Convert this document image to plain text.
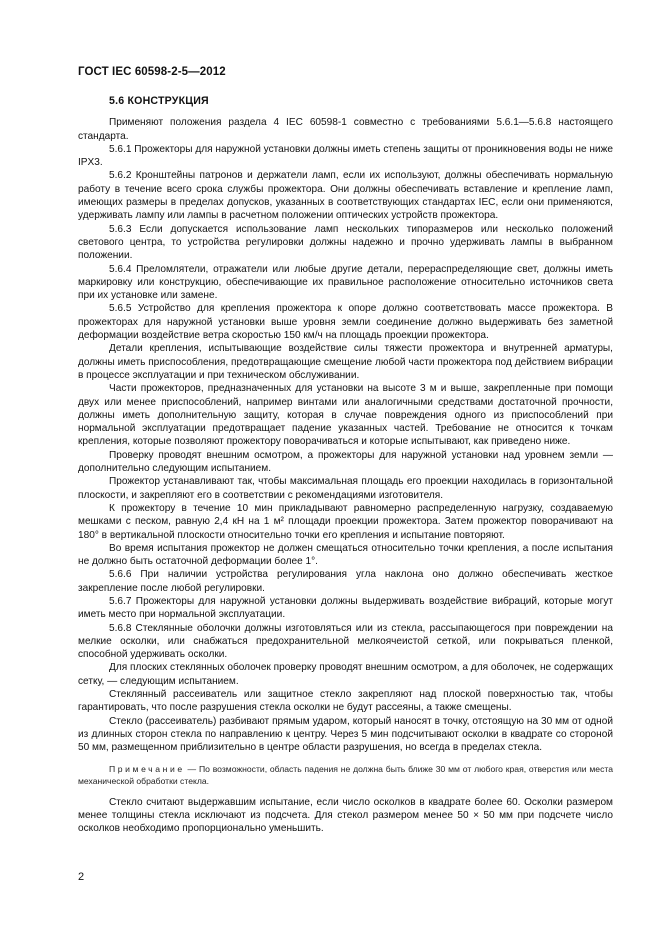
ГОСТ IEC 60598-2-5—2012
5.6 КОНСТРУКЦИЯ

Применяют положения раздела 4 IEC 60598-1 совместно с требованиями 5.6.1—5.6.8 настоящего стандарта.

5.6.1 Прожекторы для наружной установки должны иметь степень защиты от проникновения воды не ниже IPX3.

5.6.2 Кронштейны патронов и держатели ламп, если их используют, должны обеспечивать нормальную работу в течение всего срока службы прожектора. Они должны обеспечивать вставление и крепление ламп, имеющих размеры в пределах допусков, указанных в соответствующих стандартах IEC, если они применяются, удерживать лампу или лампы в расчетном положении оптических устройств прожектора.

5.6.3 Если допускается использование ламп нескольких типоразмеров или несколько положений светового центра, то устройства регулировки должны надежно и прочно удерживать лампы в выбранном положении.

5.6.4 Преломлятели, отражатели или любые другие детали, перераспределяющие свет, должны иметь маркировку или конструкцию, обеспечивающие их правильное расположение относительно источников света при их установке или замене.

5.6.5 Устройство для крепления прожектора к опоре должно соответствовать массе прожектора. В прожекторах для наружной установки выше уровня земли соединение должно выдерживать без заметной деформации воздействие ветра скоростью 150 км/ч на площадь проекции прожектора.

Детали крепления, испытывающие воздействие силы тяжести прожектора и внутренней арматуры, должны иметь приспособления, предотвращающие смещение любой части прожектора под действием вибрации в процессе эксплуатации и при техническом обслуживании.

Части прожекторов, предназначенных для установки на высоте 3 м и выше, закрепленные при помощи двух или менее приспособлений, например винтами или аналогичными средствами достаточной прочности, должны иметь дополнительную защиту, которая в случае повреждения одного из приспособлений при нормальной эксплуатации предотвращает падение указанных частей. Требование не относится к точкам крепления, которые позволяют прожектору поворачиваться и которые испытывают, как приведено ниже.

Проверку проводят внешним осмотром, а прожекторы для наружной установки над уровнем земли — дополнительно следующим испытанием.

Прожектор устанавливают так, чтобы максимальная площадь его проекции находилась в горизонтальной плоскости, и закрепляют его в соответствии с рекомендациями изготовителя.

К прожектору в течение 10 мин прикладывают равномерно распределенную нагрузку, создаваемую мешками с песком, равную 2,4 кН на 1 м² площади проекции прожектора. Затем прожектор поворачивают на 180° в вертикальной плоскости относительно точки его крепления и испытание повторяют.

Во время испытания прожектор не должен смещаться относительно точки крепления, а после испытания не должно быть остаточной деформации более 1°.

5.6.6 При наличии устройства регулирования угла наклона оно должно обеспечивать жесткое закрепление после любой регулировки.

5.6.7 Прожекторы для наружной установки должны выдерживать воздействие вибраций, которые могут иметь место при нормальной эксплуатации.

5.6.8 Стеклянные оболочки должны изготовляться или из стекла, рассыпающегося при повреждении на мелкие осколки, или снабжаться предохранительной мелкоячеистой сеткой, или покрываться пленкой, способной удерживать осколки.

Для плоских стеклянных оболочек проверку проводят внешним осмотром, а для оболочек, не содержащих сетку, — следующим испытанием.

Стеклянный рассеиватель или защитное стекло закрепляют над плоской поверхностью так, чтобы гарантировать, что после разрушения стекла осколки не будут рассеяны, а также смещены.

Стекло (рассеиватель) разбивают прямым ударом, который наносят в точку, отстоящую на 30 мм от одной из длинных сторон стекла по направлению к центру. Через 5 мин подсчитывают осколки в квадрате со стороной 50 мм, размещенном приблизительно в центре области разрушения, но всегда в пределах стекла.

Примечание — По возможности, область падения не должна быть ближе 30 мм от любого края, отверстия или места механической обработки стекла.

Стекло считают выдержавшим испытание, если число осколков в квадрате более 60. Осколки размером менее толщины стекла исключают из подсчета. Для стекол размером менее 50 × 50 мм при подсчете число осколков необходимо пропорционально уменьшить.

2
